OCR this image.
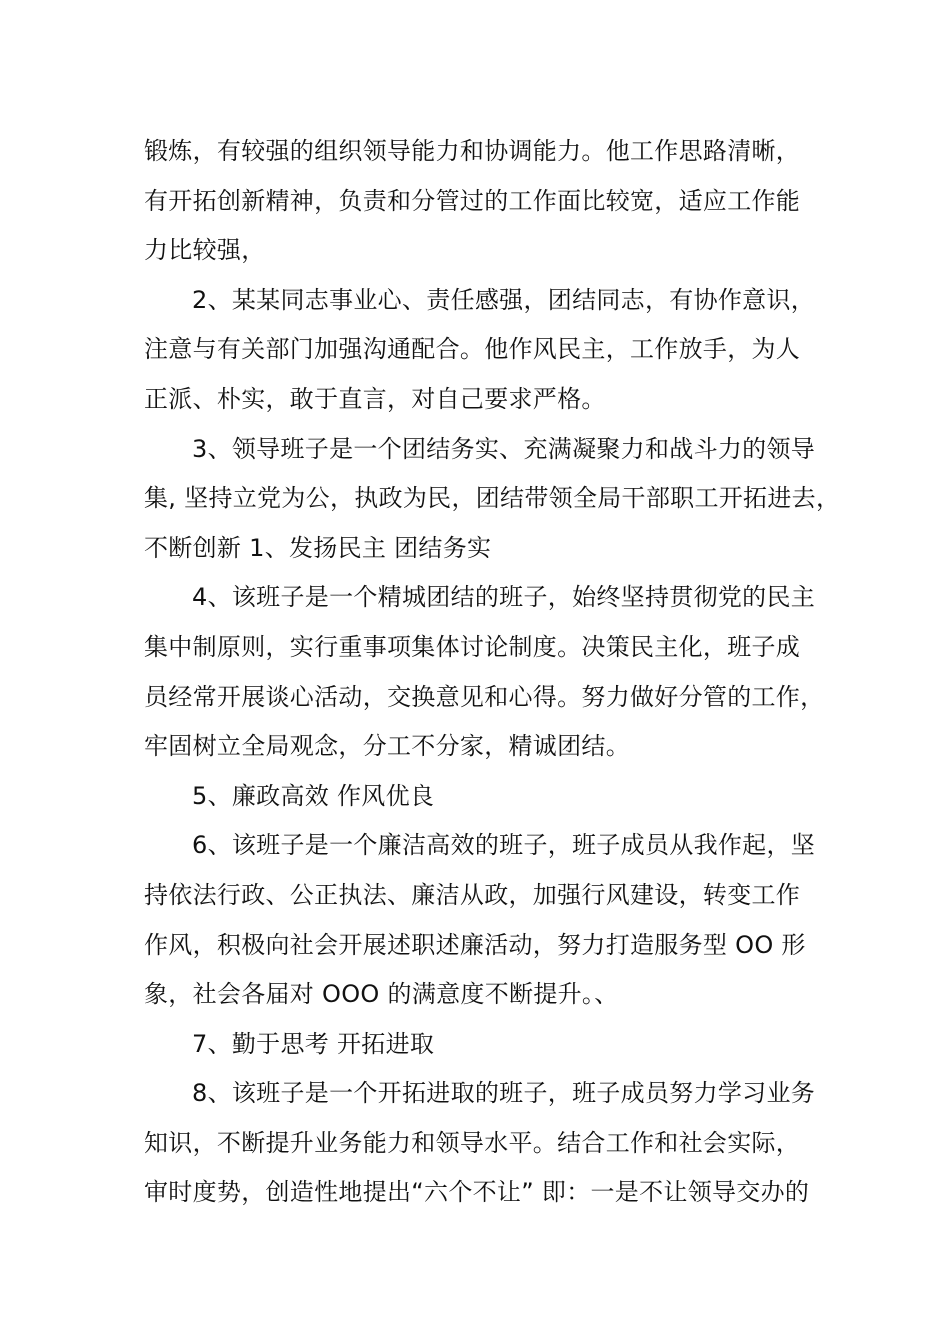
锻炼，有较强的组织领导能力和协调能力。他工作思路清晰，
有开拓创新精神，负责和分管过的工作面比较宽，适应工作能
力比较强，
2、某某同志事业心、责任感强，团结同志，有协作意识，
注意与有关部门加强沟通配合。他作风民主，工作放手，为人
正派、朴实，敢于直言，对自己要求严格。
3、领导班子是一个团结务实、充满凝聚力和战斗力的领导
集, 坚持立党为公，执政为民，团结带领全局干部职工开拓进去，
不断创新 1、发扬民主 团结务实
4、该班子是一个精城团结的班子，始终坚持贯彻党的民主
集中制原则，实行重事项集体讨论制度。决策民主化，班子成
员经常开展谈心活动，交换意见和心得。努力做好分管的工作，
牢固树立全局观念，分工不分家，精诚团结。
5、廉政高效 作风优良
6、该班子是一个廉洁高效的班子，班子成员从我作起，坚
持依法行政、公正执法、廉洁从政，加强行风建设，转变工作
作风，积极向社会开展述职述廉活动，努力打造服务型 OO 形
象，社会各届对 OOO 的满意度不断提升。、
7、勤于思考 开拓进取
8、该班子是一个开拓进取的班子，班子成员努力学习业务
知识，不断提升业务能力和领导水平。结合工作和社会实际，
审时度势，创造性地提出“六个不让” 即：一是不让领导交办的
